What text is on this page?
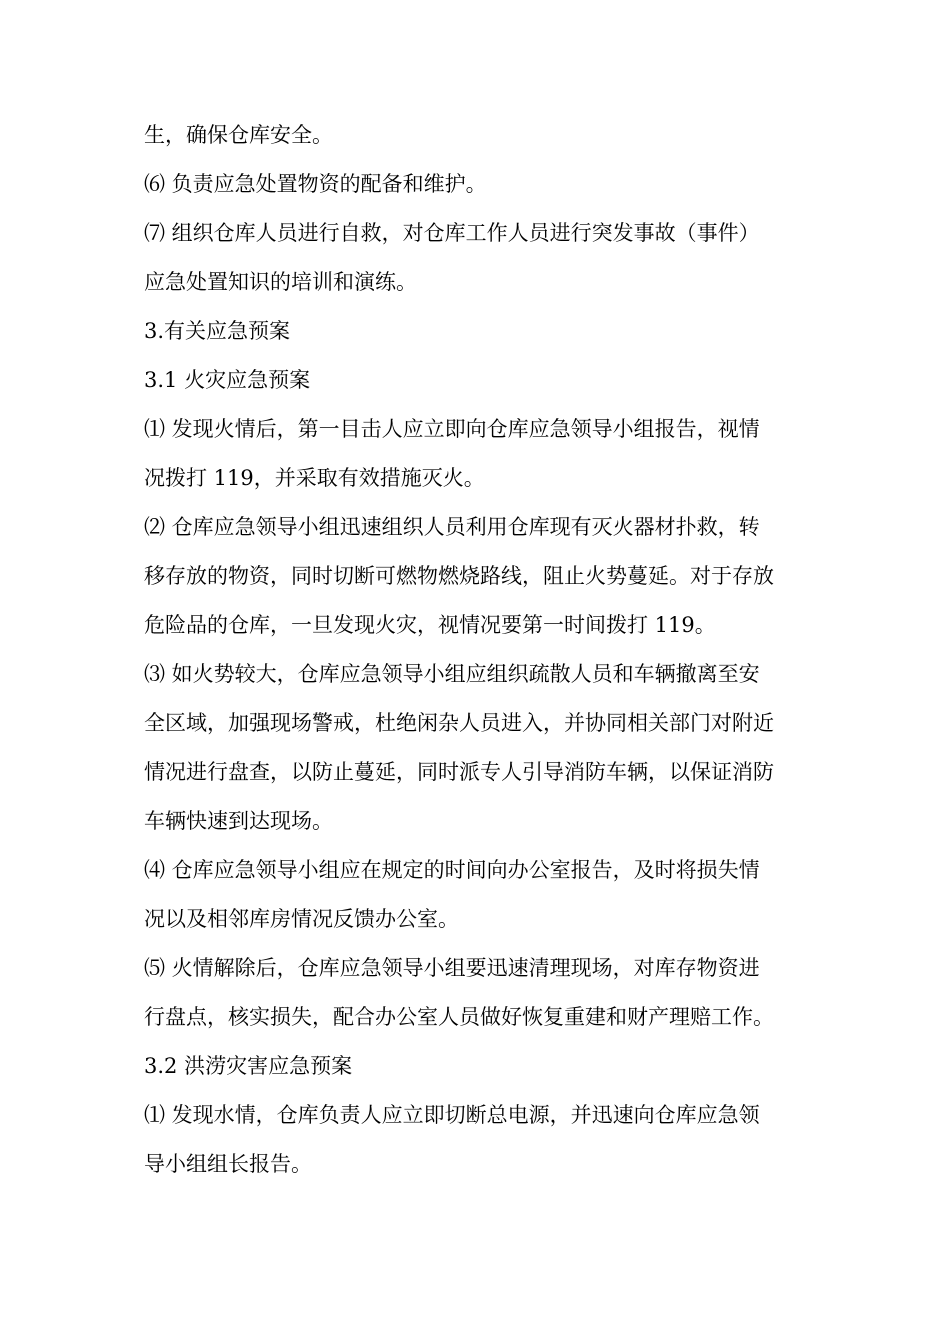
生，确保仓库安全。

⑹ 负责应急处置物资的配备和维护。

⑺ 组织仓库人员进行自救，对仓库工作人员进行突发事故（事件）

应急处置知识的培训和演练。

3.有关应急预案

3.1 火灾应急预案

⑴ 发现火情后，第一目击人应立即向仓库应急领导小组报告，视情

况拨打 119，并采取有效措施灭火。

⑵ 仓库应急领导小组迅速组织人员利用仓库现有灭火器材扑救，转

移存放的物资，同时切断可燃物燃烧路线，阻止火势蔓延。对于存放

危险品的仓库，一旦发现火灾，视情况要第一时间拨打 119。

⑶ 如火势较大，仓库应急领导小组应组织疏散人员和车辆撤离至安

全区域，加强现场警戒，杜绝闲杂人员进入，并协同相关部门对附近

情况进行盘查，以防止蔓延，同时派专人引导消防车辆，以保证消防

车辆快速到达现场。

⑷ 仓库应急领导小组应在规定的时间向办公室报告，及时将损失情

况以及相邻库房情况反馈办公室。

⑸ 火情解除后，仓库应急领导小组要迅速清理现场，对库存物资进

行盘点，核实损失，配合办公室人员做好恢复重建和财产理赔工作。

3.2 洪涝灾害应急预案

⑴ 发现水情，仓库负责人应立即切断总电源，并迅速向仓库应急领

导小组组长报告。
